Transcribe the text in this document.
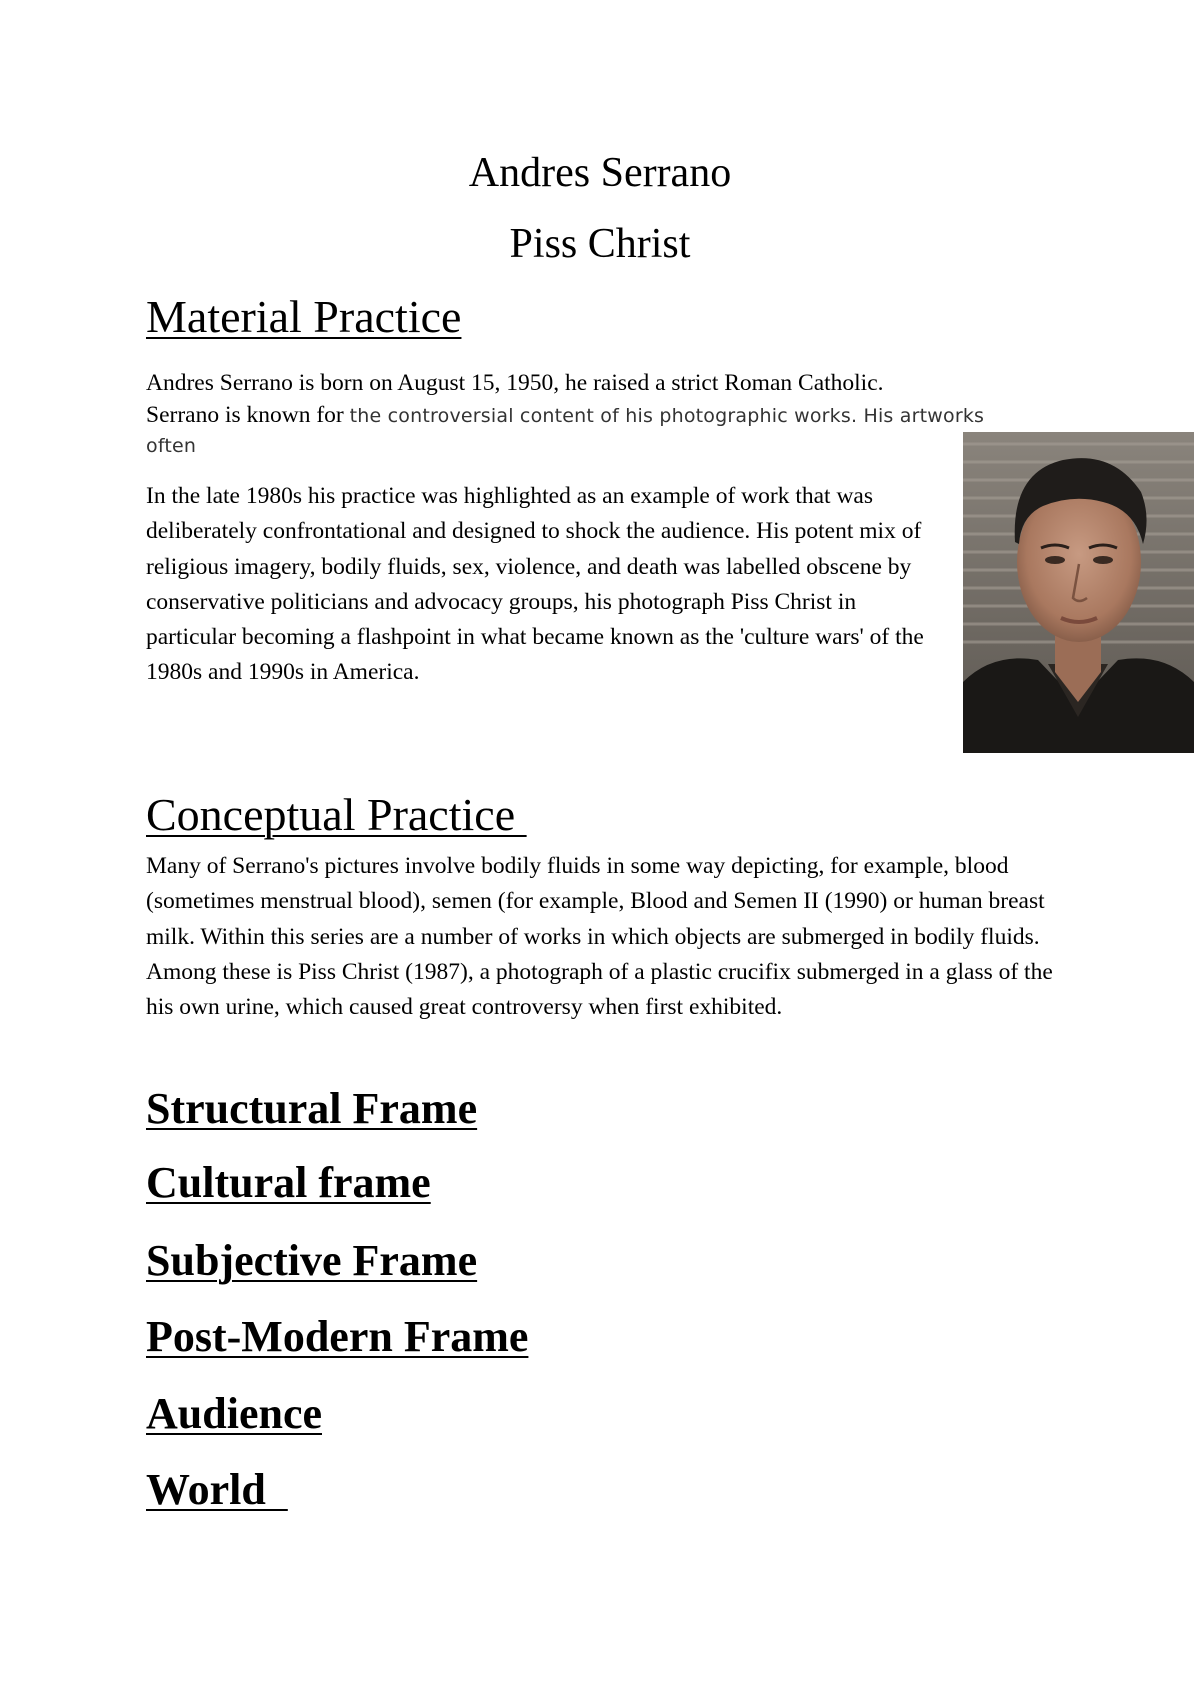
Andres Serrano
Piss Christ
Material Practice

Andres Serrano is born on August 15, 1950, he raised a strict Roman Catholic.

Serrano is known for the controversial content of his photographic works. His artworks often

In the late 1980s his practice was highlighted as an example of work that was deliberately confrontational and designed to shock the audience. His potent mix of religious imagery, bodily fluids, sex, violence, and death was labelled obscene by conservative politicians and advocacy groups, his photograph Piss Christ in particular becoming a flashpoint in what became known as the 'culture wars' of the 1980s and 1990s in America.

Conceptual Practice

Many of Serrano's pictures involve bodily fluids in some way depicting, for example, blood (sometimes menstrual blood), semen (for example, Blood and Semen II (1990) or human breast milk. Within this series are a number of works in which objects are submerged in bodily fluids. Among these is Piss Christ (1987), a photograph of a plastic crucifix submerged in a glass of the his own urine, which caused great controversy when first exhibited.

Structural Frame
Cultural frame
Subjective Frame
Post-Modern Frame
Audience
World
